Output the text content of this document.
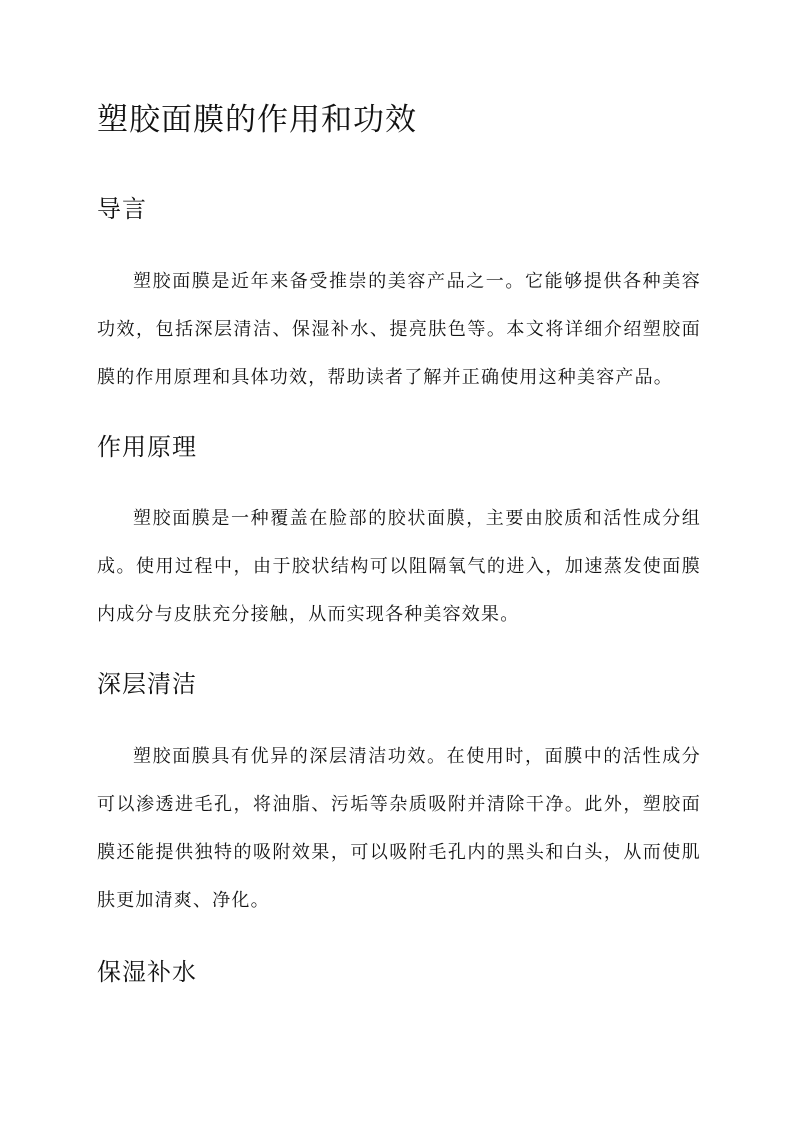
塑胶面膜的作用和功效
导言

塑胶面膜是近年来备受推崇的美容产品之一。它能够提供各种美容功效，包括深层清洁、保湿补水、提亮肤色等。本文将详细介绍塑胶面膜的作用原理和具体功效，帮助读者了解并正确使用这种美容产品。

作用原理

塑胶面膜是一种覆盖在脸部的胶状面膜，主要由胶质和活性成分组成。使用过程中，由于胶状结构可以阻隔氧气的进入，加速蒸发使面膜内成分与皮肤充分接触，从而实现各种美容效果。

深层清洁

塑胶面膜具有优异的深层清洁功效。在使用时，面膜中的活性成分可以渗透进毛孔，将油脂、污垢等杂质吸附并清除干净。此外，塑胶面膜还能提供独特的吸附效果，可以吸附毛孔内的黑头和白头，从而使肌肤更加清爽、净化。

保湿补水
